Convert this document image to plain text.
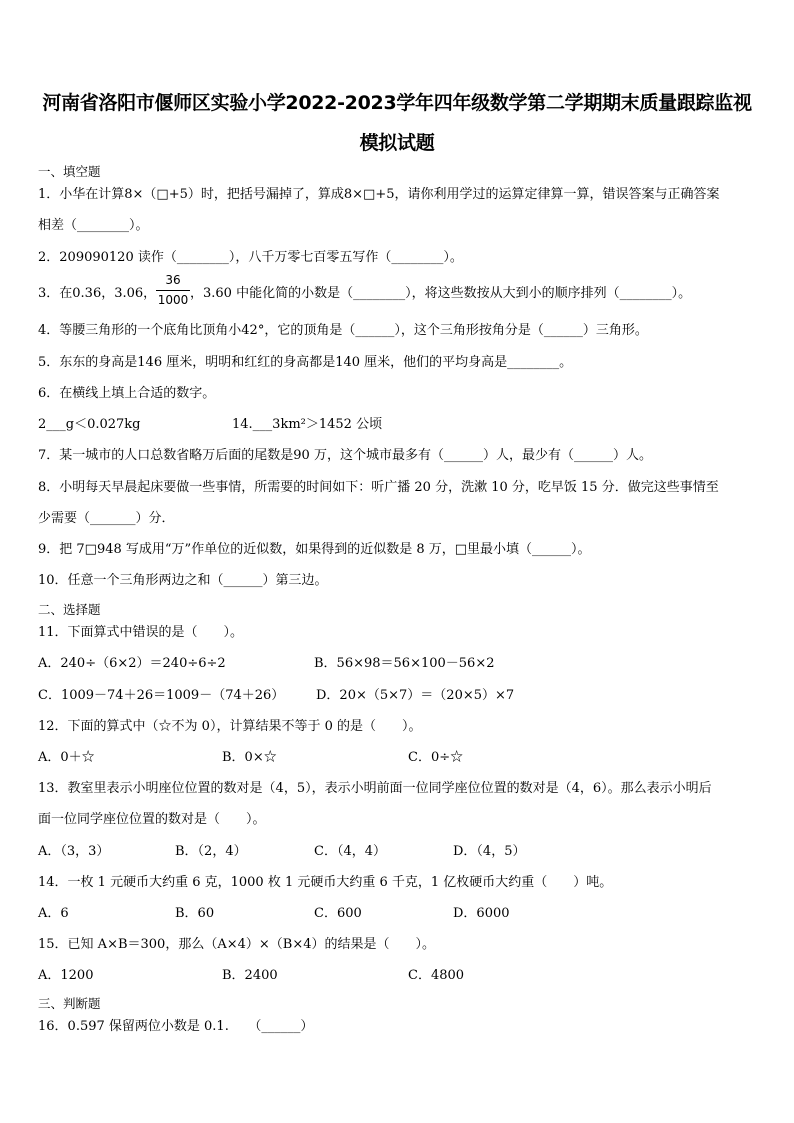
河南省洛阳市偃师区实验小学2022-2023学年四年级数学第二学期期末质量跟踪监视
模拟试题
一、填空题
1．小华在计算8×（□+5）时，把括号漏掉了，算成8×□+5，请你利用学过的运算定律算一算，错误答案与正确答案
相差（________）。
2．209090120 读作（________），八千万零七百零五写作（________）。
3．在0.36，3.06，
36
1000 ，3.60 中能化简的小数是（________），将这些数按从大到小的顺序排列（________）。
4．等腰三角形的一个底角比顶角小42°，它的顶角是（______），这个三角形按角分是（______）三角形。
5．东东的身高是146 厘米，明明和红红的身高都是140 厘米，他们的平均身高是________。
6．在横线上填上合适的数字。
2___g＜0.027kg	14.___3km²＞1452 公顷
7．某一城市的人口总数省略万后面的尾数是90 万，这个城市最多有（______）人，最少有（______）人。
8．小明每天早晨起床要做一些事情，所需要的时间如下：听广播 20 分，洗漱 10 分，吃早饭 15 分．做完这些事情至
少需要（_______）分．
9．把 7□948 写成用“万”作单位的近似数，如果得到的近似数是 8 万，□里最小填（______）。
10．任意一个三角形两边之和（______）第三边。
二、选择题
11．下面算式中错误的是（　　）。
A．240÷（6×2）＝240÷6÷2	B．56×98＝56×100－56×2
C．1009－74＋26＝1009－（74＋26） D．20×（5×7）＝（20×5）×7
12．下面的算式中（☆不为 0），计算结果不等于 0 的是（　　）。
A．0＋☆	B．0×☆	C．0÷☆
13．教室里表示小明座位位置的数对是（4，5），表示小明前面一位同学座位位置的数对是（4，6）。那么表示小明后
面一位同学座位位置的数对是（　　）。
A．（3，3）	B．（2，4）	C．（4，4）	D．（4，5）
14．一枚 1 元硬币大约重 6 克，1000 枚 1 元硬币大约重 6 千克，1 亿枚硬币大约重（　　）吨。
A．6	B．60	C．600	D．6000
15．已知 A×B＝300，那么（A×4）×（B×4）的结果是（　　）。
A．1200	B．2400	C．4800
三、判断题
16．0.597 保留两位小数是 0.1.　　（______）
